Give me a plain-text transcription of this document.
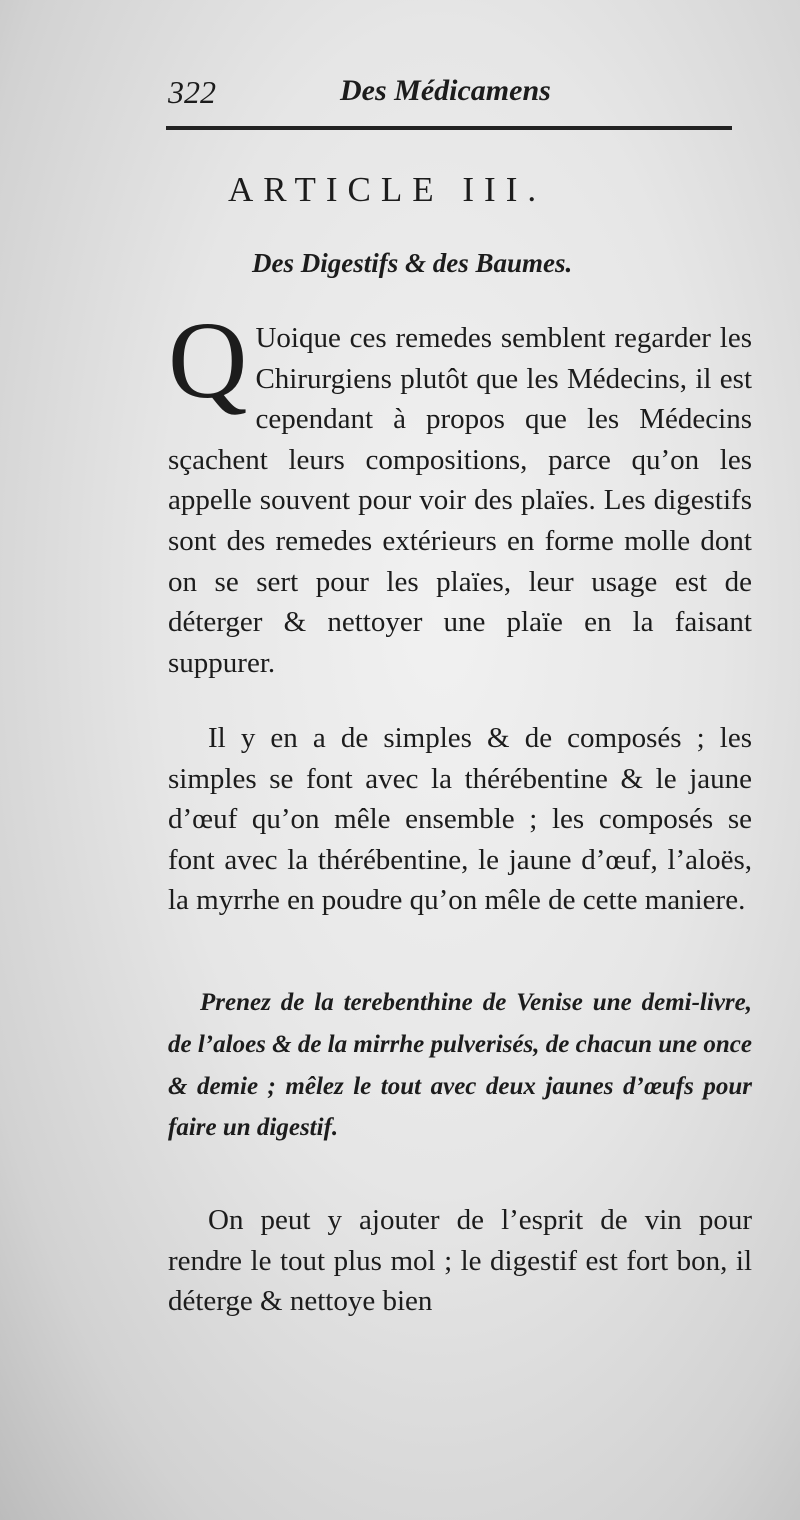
322	Des Médicamens
ARTICLE III.
Des Digestifs & des Baumes.

Q Uoique ces remedes semblent regarder les Chirurgiens plutôt que les Médecins, il est cependant à propos que les Médecins sçachent leurs compositions, parce qu’on les appelle souvent pour voir des plaïes. Les digestifs sont des remedes extérieurs en forme molle dont on se sert pour les plaïes, leur usage est de déterger & nettoyer une plaïe en la faisant suppurer.

Il y en a de simples & de composés ; les simples se font avec la thérébentine & le jaune d’œuf qu’on mêle ensemble ; les composés se font avec la thérébentine, le jaune d’œuf, l’aloës, la myrrhe en poudre qu’on mêle de cette maniere.

Prenez de la terebenthine de Venise une demi-livre, de l’aloes & de la mirrhe pulverisés, de chacun une once & demie ; mêlez le tout avec deux jaunes d’œufs pour faire un digestif.

On peut y ajouter de l’esprit de vin pour rendre le tout plus mol ; le digestif est fort bon, il déterge & nettoye bien
